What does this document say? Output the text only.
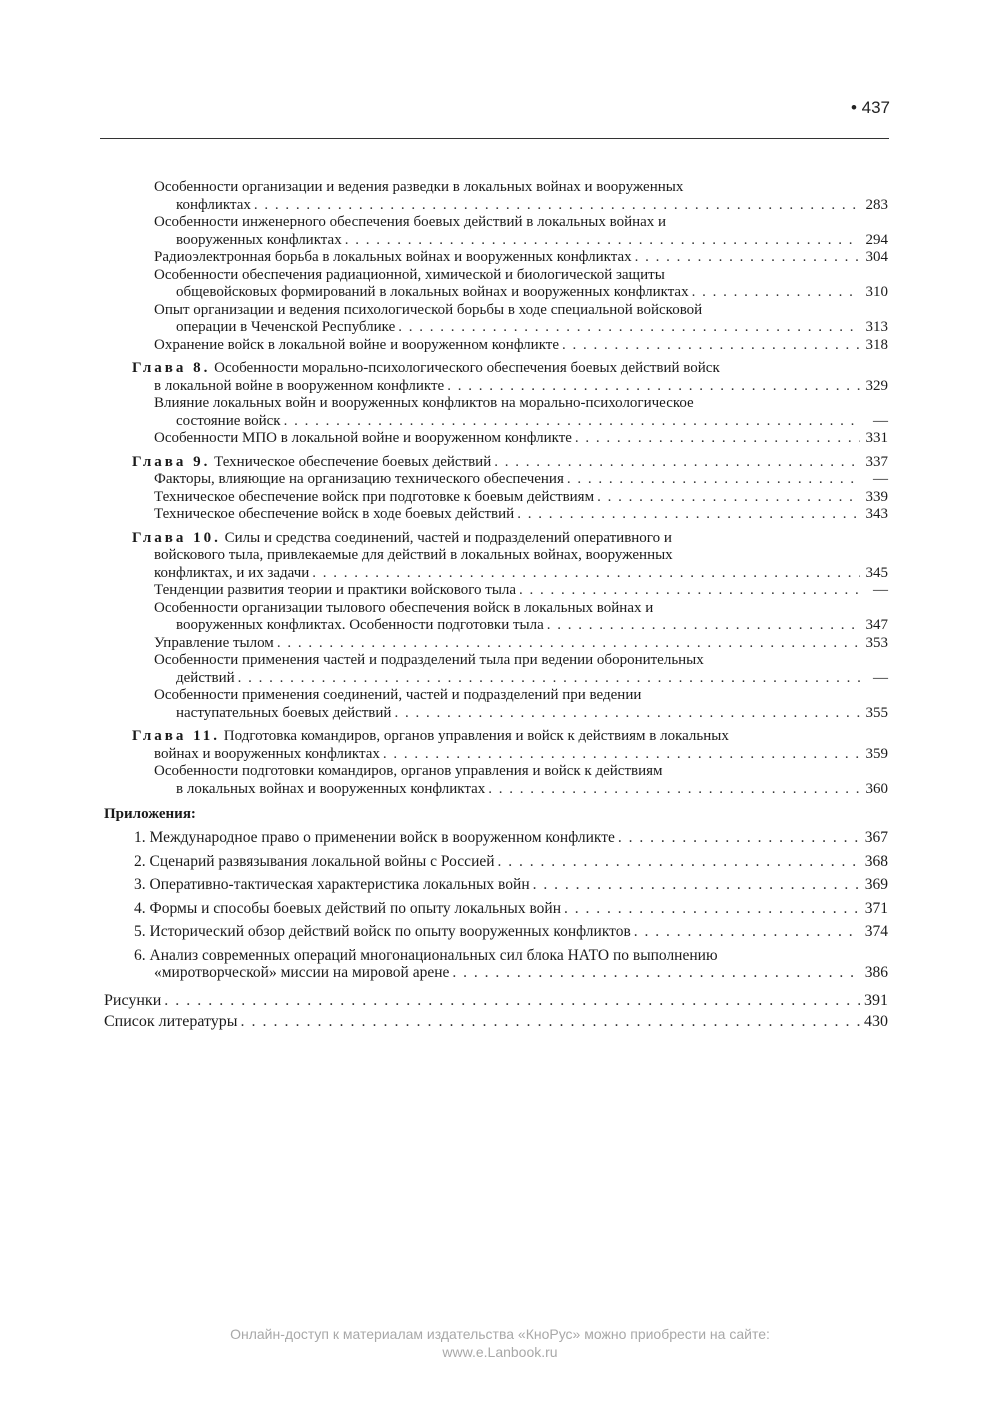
• 437
Особенности организации и ведения разведки в локальных войнах и вооруженных
конфликтах . . .	283
Особенности инженерного обеспечения боевых действий в локальных войнах и
вооруженных конфликтах . . .	294
Радиоэлектронная борьба в локальных войнах и вооруженных конфликтах . . .	304
Особенности обеспечения радиационной, химической и биологической защиты
общевойсковых формирований в локальных войнах и вооруженных конфликтах . . .	310
Опыт организации и ведения психологической борьбы в ходе специальной войсковой
операции в Чеченской Республике . . .	313
Охранение войск в локальной войне и вооруженном конфликте . . .	318
Глава 8. Особенности морально-психологического обеспечения боевых действий войск
в локальной войне в вооруженном конфликте . . .	329
Влияние локальных войн и вооруженных конфликтов на морально-психологическое
состояние войск . . .	—
Особенности МПО в локальной войне и вооруженном конфликте . . .	331
Глава 9. Техническое обеспечение боевых действий . . .	337
Факторы, влияющие на организацию технического обеспечения . . .	—
Техническое обеспечение войск при подготовке к боевым действиям . . .	339
Техническое обеспечение войск в ходе боевых действий . . .	343
Глава 10. Силы и средства соединений, частей и подразделений оперативного и
войскового тыла, привлекаемые для действий в локальных войнах, вооруженных
конфликтах, и их задачи . . .	345
Тенденции развития теории и практики войскового тыла . . .	—
Особенности организации тылового обеспечения войск в локальных войнах и
вооруженных конфликтах. Особенности подготовки тыла . . .	347
Управление тылом . . .	353
Особенности применения частей и подразделений тыла при ведении оборонительных
действий . . .	—
Особенности применения соединений, частей и подразделений при ведении
наступательных боевых действий . . .	355
Глава 11. Подготовка командиров, органов управления и войск к действиям в локальных
войнах и вооруженных конфликтах . . .	359
Особенности подготовки командиров, органов управления и войск к действиям
в локальных войнах и вооруженных конфликтах . . .	360
Приложения:
1. Международное право о применении войск в вооруженном конфликте . . .	367
2. Сценарий развязывания локальной войны с Россией . . .	368
3. Оперативно-тактическая характеристика локальных войн . . .	369
4. Формы и способы боевых действий по опыту локальных войн . . .	371
5. Исторический обзор действий войск по опыту вооруженных конфликтов . . .	374
6. Анализ современных операций многонациональных сил блока НАТО по выполнению
«миротворческой» миссии на мировой арене . . .	386
Рисунки . . .	391
Список литературы . . .	430
Онлайн-доступ к материалам издательства «КноРус» можно приобрести на сайте:
www.e.Lanbook.ru
